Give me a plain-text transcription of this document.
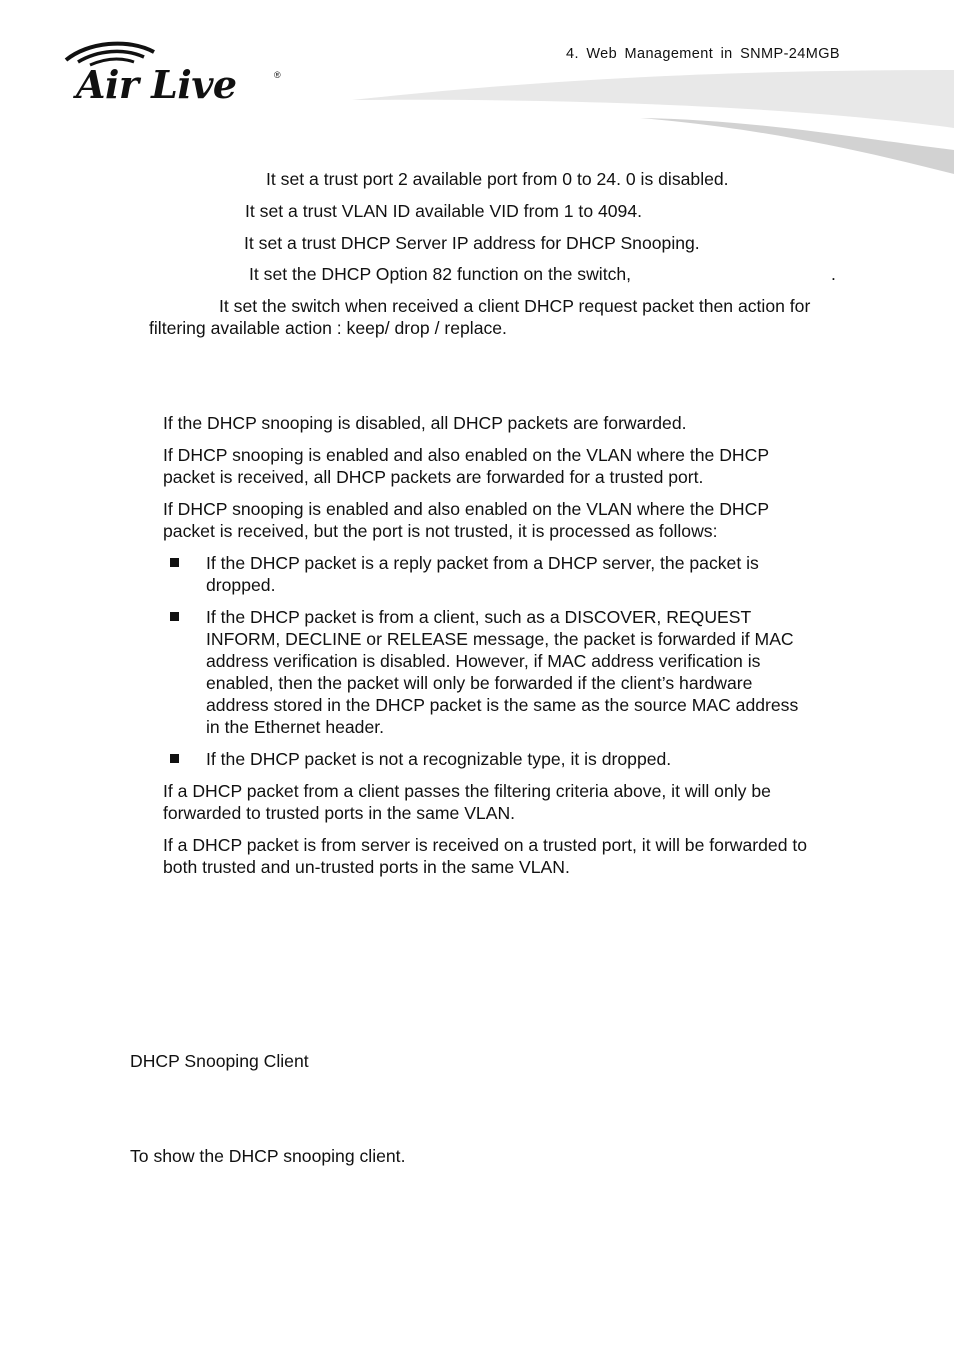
Air Live	®
4. Web Management in SNMP-24MGB
It set a trust port 2 available port from 0 to 24. 0 is disabled.
It set a trust VLAN ID available VID from 1 to 4094.
It set a trust DHCP Server IP address for DHCP Snooping.
It set the DHCP Option 82 function on the switch,	.
It set the switch when received a client DHCP request packet then action for
filtering available action : keep/ drop / replace.
If the DHCP snooping is disabled, all DHCP packets are forwarded.
If DHCP snooping is enabled and also enabled on the VLAN where the DHCP
packet is received, all DHCP packets are forwarded for a trusted port.
If DHCP snooping is enabled and also enabled on the VLAN where the DHCP
packet is received, but the port is not trusted, it is processed as follows:
If the DHCP packet is a reply packet from a DHCP server, the packet is
dropped.
If the DHCP packet is from a client, such as a DISCOVER, REQUEST
INFORM, DECLINE or RELEASE message, the packet is forwarded if MAC
address verification is disabled. However, if MAC address verification is
enabled, then the packet will only be forwarded if the client’s hardware
address stored in the DHCP packet is the same as the source MAC address
in the Ethernet header.
If the DHCP packet is not a recognizable type, it is dropped.
If a DHCP packet from a client passes the filtering criteria above, it will only be
forwarded to trusted ports in the same VLAN.
If a DHCP packet is from server is received on a trusted port, it will be forwarded to
both trusted and un-trusted ports in the same VLAN.
DHCP Snooping Client
To show the DHCP snooping client.
